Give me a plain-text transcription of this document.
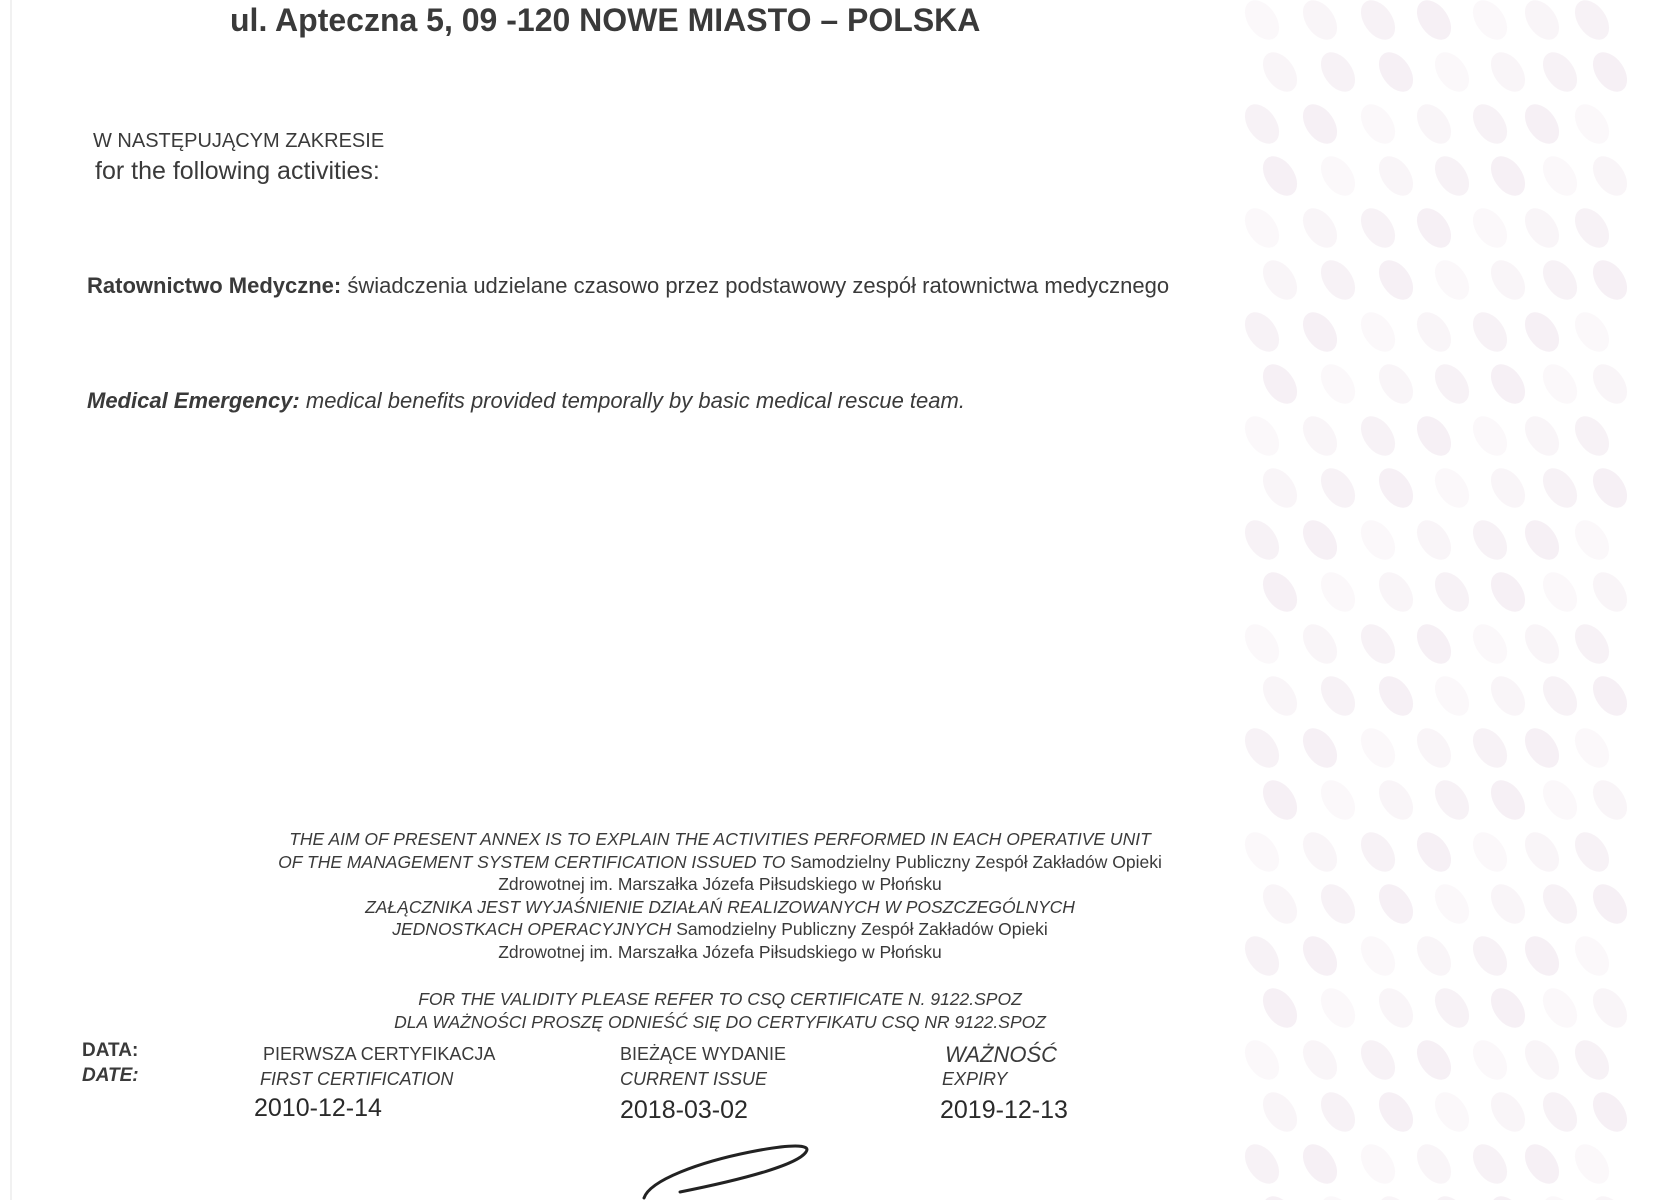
ul. Apteczna 5, 09 -120 NOWE MIASTO – POLSKA
W NASTĘPUJĄCYM ZAKRESIE
for the following activities:
Ratownictwo Medyczne: świadczenia udzielane czasowo przez podstawowy zespół ratownictwa medycznego
Medical Emergency: medical benefits provided temporally by basic medical rescue team.
THE AIM OF PRESENT ANNEX IS TO EXPLAIN THE ACTIVITIES PERFORMED IN EACH OPERATIVE UNIT
OF THE MANAGEMENT SYSTEM CERTIFICATION ISSUED TO Samodzielny Publiczny Zespół Zakładów Opieki
Zdrowotnej im. Marszałka Józefa Piłsudskiego w Płońsku
ZAŁĄCZNIKA JEST WYJAŚNIENIE DZIAŁAŃ REALIZOWANYCH W POSZCZEGÓLNYCH
JEDNOSTKACH OPERACYJNYCH Samodzielny Publiczny Zespół Zakładów Opieki
Zdrowotnej im. Marszałka Józefa Piłsudskiego w Płońsku
FOR THE VALIDITY PLEASE REFER TO CSQ CERTIFICATE N. 9122.SPOZ
DLA WAŻNOŚCI PROSZĘ ODNIEŚĆ SIĘ DO CERTYFIKATU CSQ NR 9122.SPOZ
DATA:
DATE:
PIERWSZA CERTYFIKACJA
FIRST CERTIFICATION
2010-12-14
BIEŻĄCE WYDANIE
CURRENT ISSUE
2018-03-02
WAŻNOŚĆ
EXPIRY
2019-12-13
